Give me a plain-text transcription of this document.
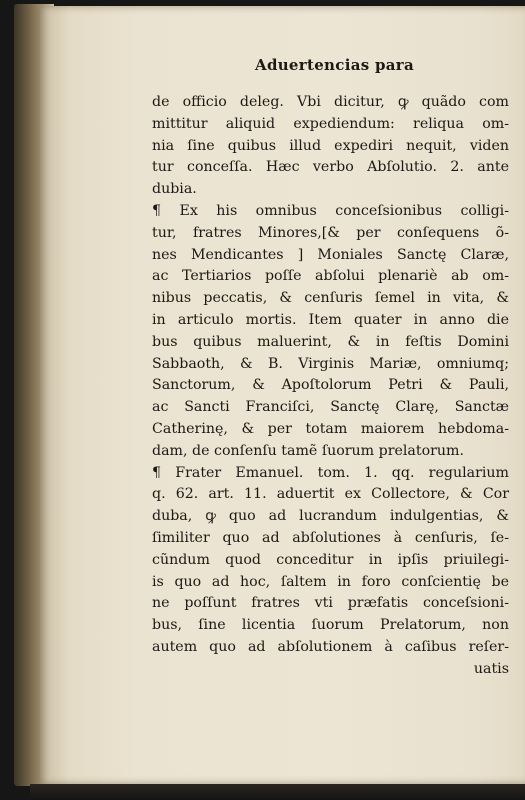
Aduertencias para
de officio deleg. Vbi dicitur, ꝙ quãdo com
mittitur aliquid expediendum: reliqua om-
nia ſine quibus illud expediri nequit, viden
tur conceſſa. Hæc verbo Abſolutio. 2. ante
dubia.
¶ Ex his omnibus conceſsionibus colligi-
tur, fratres Minores,[& per conſequens õ-
nes Mendicantes ] Moniales Sanctę Claræ,
ac Tertiarios poſſe abſolui plenariè ab om-
nibus peccatis, & cenſuris ſemel in vita, &
in articulo mortis. Item quater in anno die
bus quibus maluerint, & in feſtis Domini
Sabbaoth, & B. Virginis Mariæ, omniumq;
Sanctorum, & Apoſtolorum Petri & Pauli,
ac Sancti Franciſci, Sanctę Clarę, Sanctæ
Catherinę, & per totam maiorem hebdoma-
dam, de conſenſu tamẽ ſuorum prelatorum.
¶ Frater Emanuel. tom. 1. qq. regularium
q. 62. art. 11. aduertit ex Collectore, & Cor
duba, ꝙ quo ad lucrandum indulgentias, &
ſimiliter quo ad abſolutiones à cenſuris, ſe-
cũndum quod conceditur in ipſis priuilegi-
is quo ad hoc, ſaltem in foro conſcientię be
ne poſſunt fratres vti præfatis conceſsioni-
bus, ſine licentia ſuorum Prelatorum, non
autem quo ad abſolutionem à caſibus reſer-
uatis
